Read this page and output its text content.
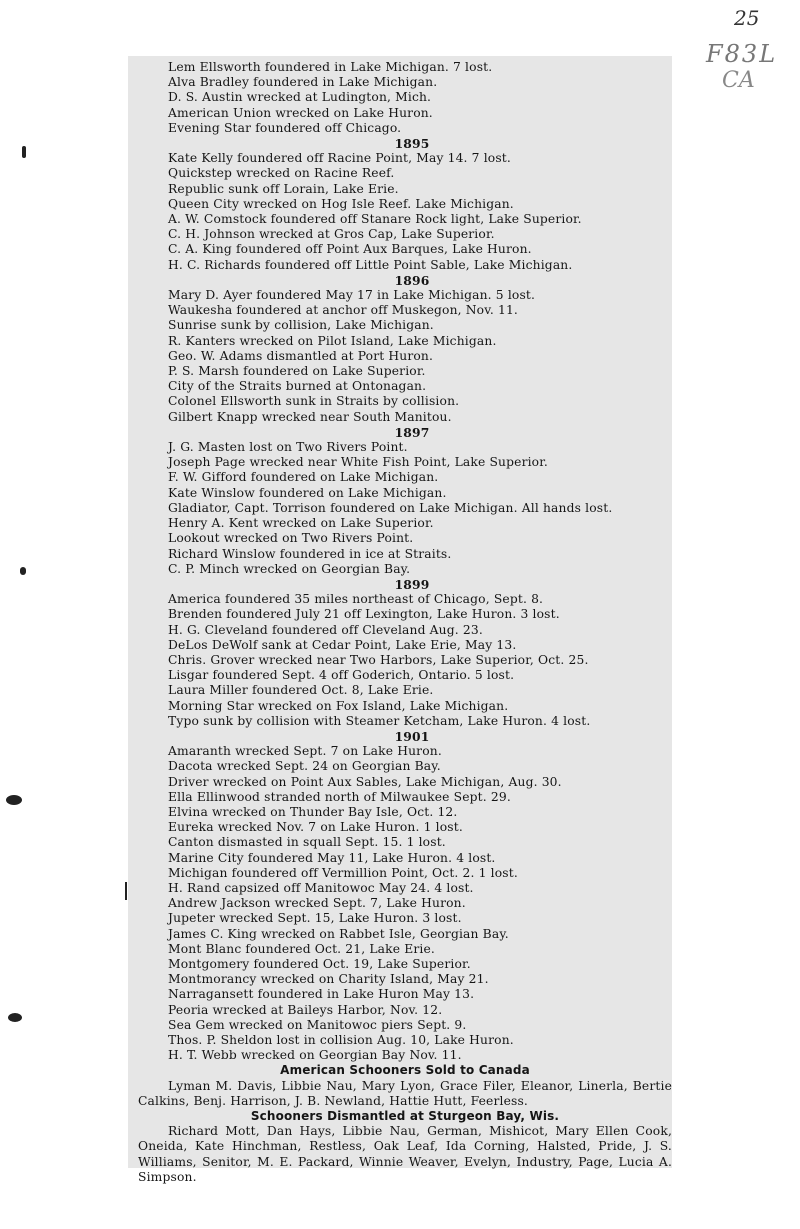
25
F83L
CA
Lem Ellsworth foundered in Lake Michigan. 7 lost.
Alva Bradley foundered in Lake Michigan.
D. S. Austin wrecked at Ludington, Mich.
American Union wrecked on Lake Huron.
Evening Star foundered off Chicago.
1895
Kate Kelly foundered off Racine Point, May 14. 7 lost.
Quickstep wrecked on Racine Reef.
Republic sunk off Lorain, Lake Erie.
Queen City wrecked on Hog Isle Reef. Lake Michigan.
A. W. Comstock foundered off Stanare Rock light, Lake Superior.
C. H. Johnson wrecked at Gros Cap, Lake Superior.
C. A. King foundered off Point Aux Barques, Lake Huron.
H. C. Richards foundered off Little Point Sable, Lake Michigan.
1896
Mary D. Ayer foundered May 17 in Lake Michigan. 5 lost.
Waukesha foundered at anchor off Muskegon, Nov. 11.
Sunrise sunk by collision, Lake Michigan.
R. Kanters wrecked on Pilot Island, Lake Michigan.
Geo. W. Adams dismantled at Port Huron.
P. S. Marsh foundered on Lake Superior.
City of the Straits burned at Ontonagan.
Colonel Ellsworth sunk in Straits by collision.
Gilbert Knapp wrecked near South Manitou.
1897
J. G. Masten lost on Two Rivers Point.
Joseph Page wrecked near White Fish Point, Lake Superior.
F. W. Gifford foundered on Lake Michigan.
Kate Winslow foundered on Lake Michigan.
Gladiator, Capt. Torrison foundered on Lake Michigan. All hands lost.
Henry A. Kent wrecked on Lake Superior.
Lookout wrecked on Two Rivers Point.
Richard Winslow foundered in ice at Straits.
C. P. Minch wrecked on Georgian Bay.
1899
America foundered 35 miles northeast of Chicago, Sept. 8.
Brenden foundered July 21 off Lexington, Lake Huron. 3 lost.
H. G. Cleveland foundered off Cleveland Aug. 23.
DeLos DeWolf sank at Cedar Point, Lake Erie, May 13.
Chris. Grover wrecked near Two Harbors, Lake Superior, Oct. 25.
Lisgar foundered Sept. 4 off Goderich, Ontario. 5 lost.
Laura Miller foundered Oct. 8, Lake Erie.
Morning Star wrecked on Fox Island, Lake Michigan.
Typo sunk by collision with Steamer Ketcham, Lake Huron. 4 lost.
1901
Amaranth wrecked Sept. 7 on Lake Huron.
Dacota wrecked Sept. 24 on Georgian Bay.
Driver wrecked on Point Aux Sables, Lake Michigan, Aug. 30.
Ella Ellinwood stranded north of Milwaukee Sept. 29.
Elvina wrecked on Thunder Bay Isle, Oct. 12.
Eureka wrecked Nov. 7 on Lake Huron. 1 lost.
Canton dismasted in squall Sept. 15. 1 lost.
Marine City foundered May 11, Lake Huron. 4 lost.
Michigan foundered off Vermillion Point, Oct. 2. 1 lost.
H. Rand capsized off Manitowoc May 24. 4 lost.
Andrew Jackson wrecked Sept. 7, Lake Huron.
Jupeter wrecked Sept. 15, Lake Huron. 3 lost.
James C. King wrecked on Rabbet Isle, Georgian Bay.
Mont Blanc foundered Oct. 21, Lake Erie.
Montgomery foundered Oct. 19, Lake Superior.
Montmorancy wrecked on Charity Island, May 21.
Narragansett foundered in Lake Huron May 13.
Peoria wrecked at Baileys Harbor, Nov. 12.
Sea Gem wrecked on Manitowoc piers Sept. 9.
Thos. P. Sheldon lost in collision Aug. 10, Lake Huron.
H. T. Webb wrecked on Georgian Bay Nov. 11.
American Schooners Sold to Canada
Lyman M. Davis, Libbie Nau, Mary Lyon, Grace Filer, Eleanor, Linerla, Bertie Calkins, Benj. Harrison, J. B. Newland, Hattie Hutt, Feerless.
Schooners Dismantled at Sturgeon Bay, Wis.
Richard Mott, Dan Hays, Libbie Nau, German, Mishicot, Mary Ellen Cook, Oneida, Kate Hinchman, Restless, Oak Leaf, Ida Corning, Halsted, Pride, J. S. Williams, Senitor, M. E. Packard, Winnie Weaver, Evelyn, Industry, Page, Lucia A. Simpson.
